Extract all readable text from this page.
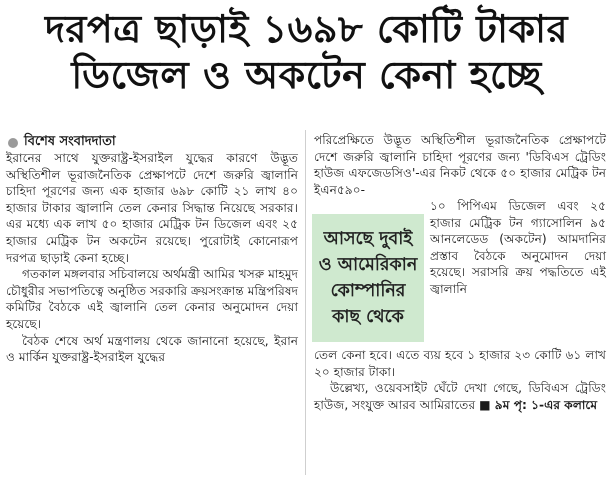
দরপত্র ছাড়াই ১৬৯৮ কোটি টাকার
ডিজেল ও অকটেন কেনা হচ্ছে
বিশেষ সংবাদদাতা

ইরানের সাথে যুক্তরাষ্ট্র-ইসরাইল যুদ্ধের কারণে উদ্ভূত অস্থিতিশীল ভূরাজনৈতিক প্রেক্ষাপটে দেশে জরুরি জ্বালানি চাহিদা পূরণের জন্য এক হাজার ৬৯৮ কোটি ২১ লাখ ৪০ হাজার টাকার জ্বালানি তেল কেনার সিদ্ধান্ত নিয়েছে সরকার। এর মধ্যে এক লাখ ৫০ হাজার মেট্রিক টন ডিজেল এবং ২৫ হাজার মেট্রিক টন অকটেন রয়েছে। পুরোটাই কোনোরূপ দরপত্র ছাড়াই কেনা হচ্ছে।

গতকাল মঙ্গলবার সচিবালয়ে অর্থমন্ত্রী আমির খসরু মাহমুদ চৌধুরীর সভাপতিত্বে অনুষ্ঠিত সরকারি ক্রয়সংক্রান্ত মন্ত্রিপরিষদ কমিটির বৈঠকে এই জ্বালানি তেল কেনার অনুমোদন দেয়া হয়েছে।

বৈঠক শেষে অর্থ মন্ত্রণালয় থেকে জানানো হয়েছে, ইরান ও মার্কিন যুক্তরাষ্ট্র-ইসরাইল যুদ্ধের

পরিপ্রেক্ষিতে উদ্ভূত অস্থিতিশীল ভূরাজনৈতিক প্রেক্ষাপটে দেশে জরুরি জ্বালানি চাহিদা পূরণের জন্য 'ডিবিএস ট্রেডিং হাউজ এফজেডসিও'-এর নিকট থেকে ৫০ হাজার মেট্রিক টন ইএন৫৯০-

আসছে দুবাই
ও আমেরিকান
কোম্পানির
কাছ থেকে

১০ পিপিএম ডিজেল এবং ২৫ হাজার মেট্রিক টন গ্যাসোলিন ৯৫ আনলেডেড (অকটেন) আমদানির প্রস্তাব বৈঠকে অনুমোদন দেয়া হয়েছে। সরাসরি ক্রয় পদ্ধতিতে এই জ্বালানি

তেল কেনা হবে। এতে ব্যয় হবে ১ হাজার ২৩ কোটি ৬১ লাখ ২০ হাজার টাকা।

উল্লেখ্য, ওয়েবসাইট ঘেঁটে দেখা গেছে, ডিবিএস ট্রেডিং হাউজ, সংযুক্ত আরব আমিরাতের ■ ৯ম পৃ: ১-এর কলামে
